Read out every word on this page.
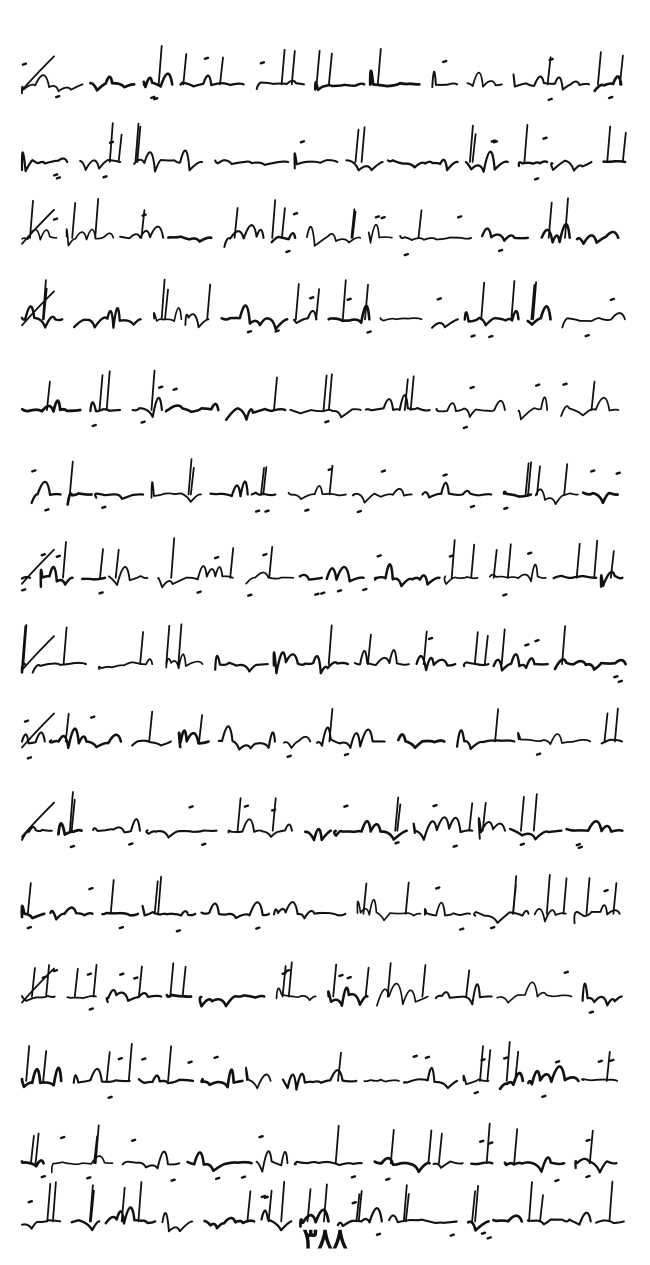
٣٨٨
